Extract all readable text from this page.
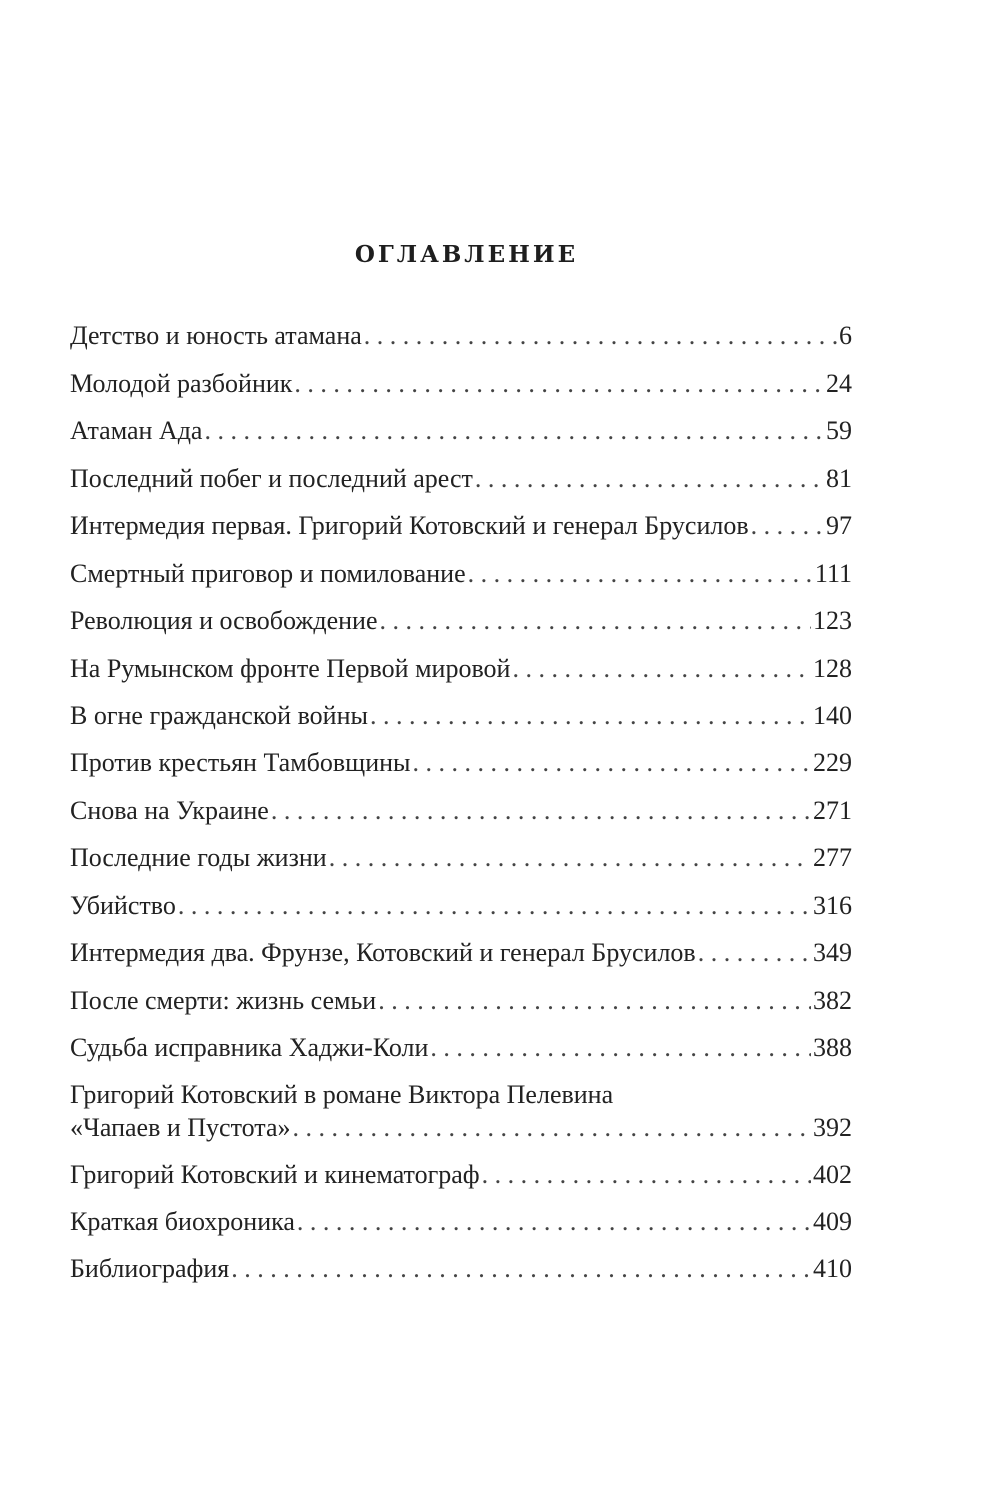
ОГЛАВЛЕНИЕ
Детство и юность атамана . . .	6
Молодой разбойник . . .	24
Атаман Ада . . .	59
Последний побег и последний арест . . .	81
Интермедия первая. Григорий Котовский и генерал Брусилов . . .	97
Смертный приговор и помилование . . .	111
Революция и освобождение . . .	123
На Румынском фронте Первой мировой . . .	128
В огне гражданской войны . . .	140
Против крестьян Тамбовщины . . .	229
Снова на Украине . . .	271
Последние годы жизни . . .	277
Убийство . . .	316
Интермедия два. Фрунзе, Котовский и генерал Брусилов . . .	349
После смерти: жизнь семьи . . .	382
Судьба исправника Хаджи-Коли . . .	388
Григорий Котовский в романе Виктора Пелевина
«Чапаев и Пустота» . . .	392
Григорий Котовский и кинематограф . . .	402
Краткая биохроника . . .	409
Библиография . . .	410
